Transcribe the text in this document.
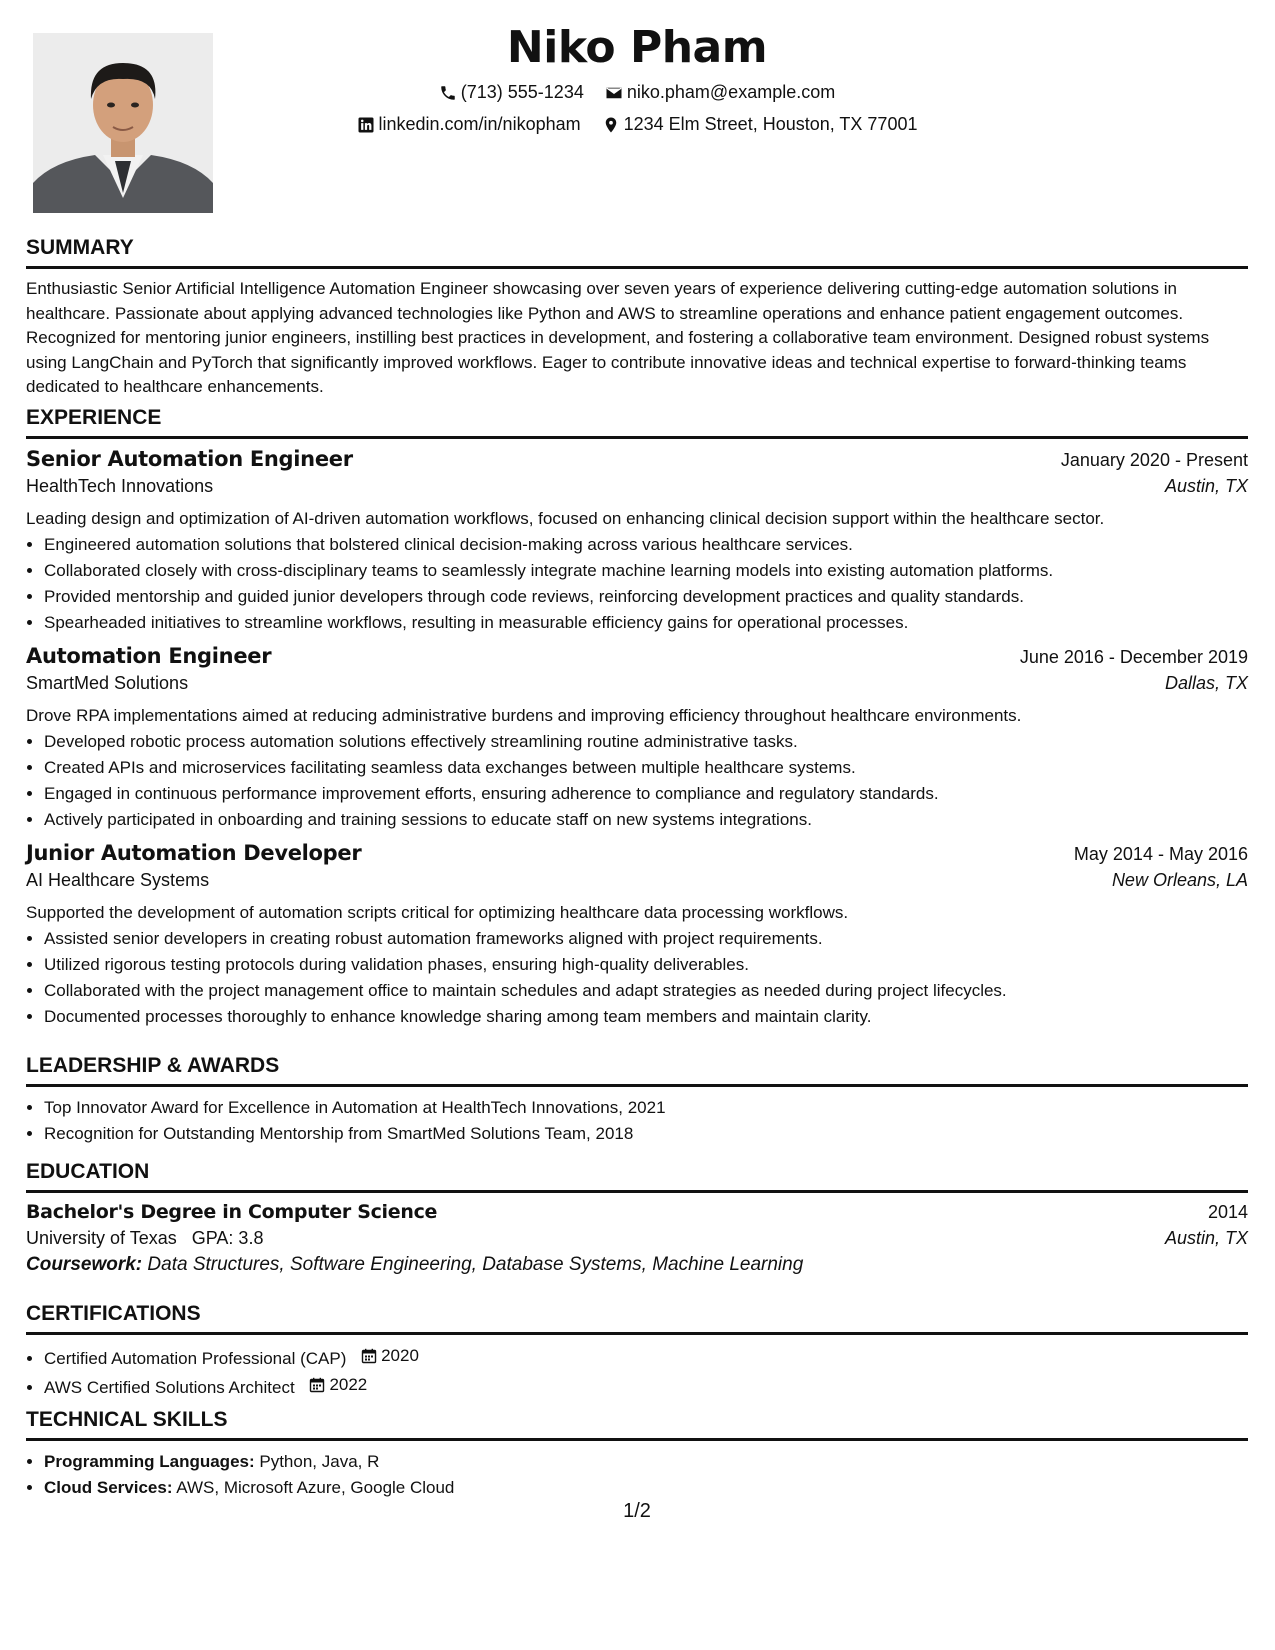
Niko Pham
(713) 555-1234
niko.pham@example.com
linkedin.com/in/nikopham
1234 Elm Street, Houston, TX 77001
SUMMARY
Enthusiastic Senior Artificial Intelligence Automation Engineer showcasing over seven years of experience delivering cutting-edge automation solutions in healthcare. Passionate about applying advanced technologies like Python and AWS to streamline operations and enhance patient engagement outcomes. Recognized for mentoring junior engineers, instilling best practices in development, and fostering a collaborative team environment. Designed robust systems using LangChain and PyTorch that significantly improved workflows. Eager to contribute innovative ideas and technical expertise to forward-thinking teams dedicated to healthcare enhancements.
EXPERIENCE
Senior Automation Engineer	January 2020 - Present
HealthTech Innovations	Austin, TX
Leading design and optimization of AI-driven automation workflows, focused on enhancing clinical decision support within the healthcare sector.
• Engineered automation solutions that bolstered clinical decision-making across various healthcare services.
• Collaborated closely with cross-disciplinary teams to seamlessly integrate machine learning models into existing automation platforms.
• Provided mentorship and guided junior developers through code reviews, reinforcing development practices and quality standards.
• Spearheaded initiatives to streamline workflows, resulting in measurable efficiency gains for operational processes.
Automation Engineer	June 2016 - December 2019
SmartMed Solutions	Dallas, TX
Drove RPA implementations aimed at reducing administrative burdens and improving efficiency throughout healthcare environments.
• Developed robotic process automation solutions effectively streamlining routine administrative tasks.
• Created APIs and microservices facilitating seamless data exchanges between multiple healthcare systems.
• Engaged in continuous performance improvement efforts, ensuring adherence to compliance and regulatory standards.
• Actively participated in onboarding and training sessions to educate staff on new systems integrations.
Junior Automation Developer	May 2014 - May 2016
AI Healthcare Systems	New Orleans, LA
Supported the development of automation scripts critical for optimizing healthcare data processing workflows.
• Assisted senior developers in creating robust automation frameworks aligned with project requirements.
• Utilized rigorous testing protocols during validation phases, ensuring high-quality deliverables.
• Collaborated with the project management office to maintain schedules and adapt strategies as needed during project lifecycles.
• Documented processes thoroughly to enhance knowledge sharing among team members and maintain clarity.
LEADERSHIP & AWARDS
• Top Innovator Award for Excellence in Automation at HealthTech Innovations, 2021
• Recognition for Outstanding Mentorship from SmartMed Solutions Team, 2018
EDUCATION
Bachelor's Degree in Computer Science	2014
University of Texas GPA: 3.8	Austin, TX
Coursework: Data Structures, Software Engineering, Database Systems, Machine Learning
CERTIFICATIONS
• Certified Automation Professional (CAP) 2020
• AWS Certified Solutions Architect 2022
TECHNICAL SKILLS
• Programming Languages: Python, Java, R
• Cloud Services: AWS, Microsoft Azure, Google Cloud
1/2
